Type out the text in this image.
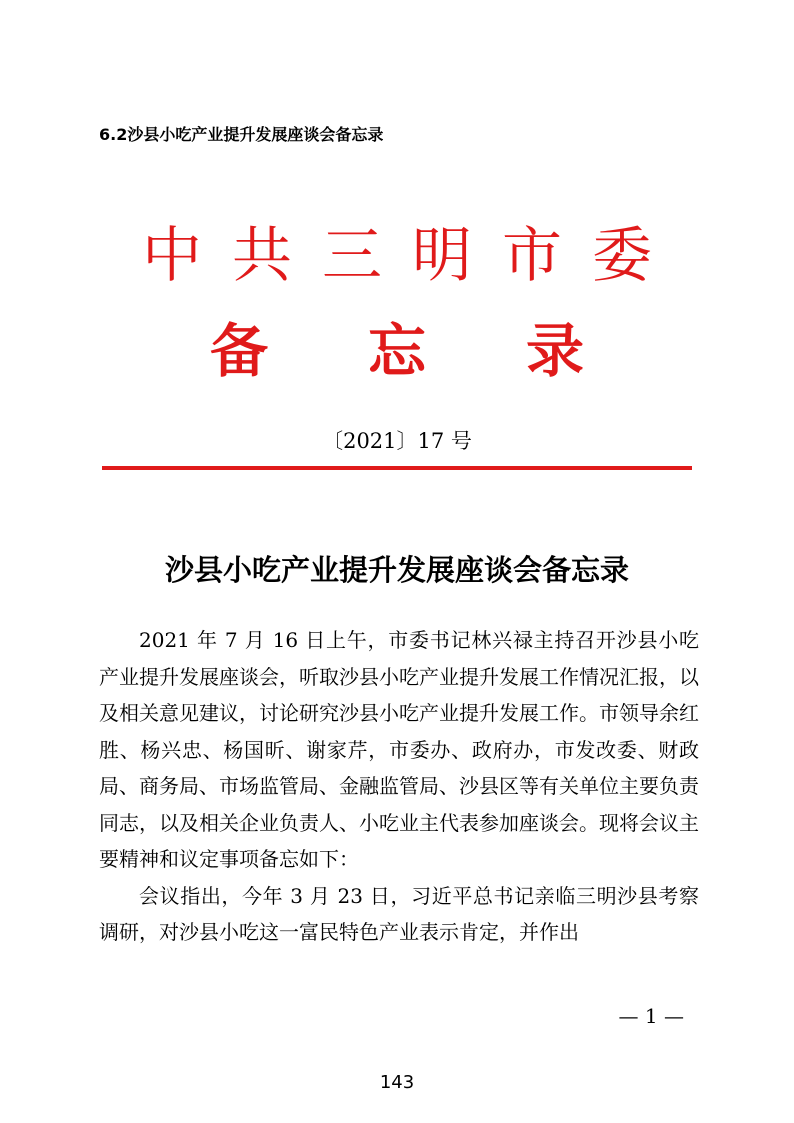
6.2沙县小吃产业提升发展座谈会备忘录
中共三明市委
备忘录
〔2021〕17 号
沙县小吃产业提升发展座谈会备忘录

2021 年 7 月 16 日上午，市委书记林兴禄主持召开沙县小吃产业提升发展座谈会，听取沙县小吃产业提升发展工作情况汇报，以及相关意见建议，讨论研究沙县小吃产业提升发展工作。市领导余红胜、杨兴忠、杨国昕、谢家芹，市委办、政府办，市发改委、财政局、商务局、市场监管局、金融监管局、沙县区等有关单位主要负责同志，以及相关企业负责人、小吃业主代表参加座谈会。现将会议主要精神和议定事项备忘如下：

会议指出，今年 3 月 23 日，习近平总书记亲临三明沙县考察调研，对沙县小吃这一富民特色产业表示肯定，并作出

— 1 —
143
